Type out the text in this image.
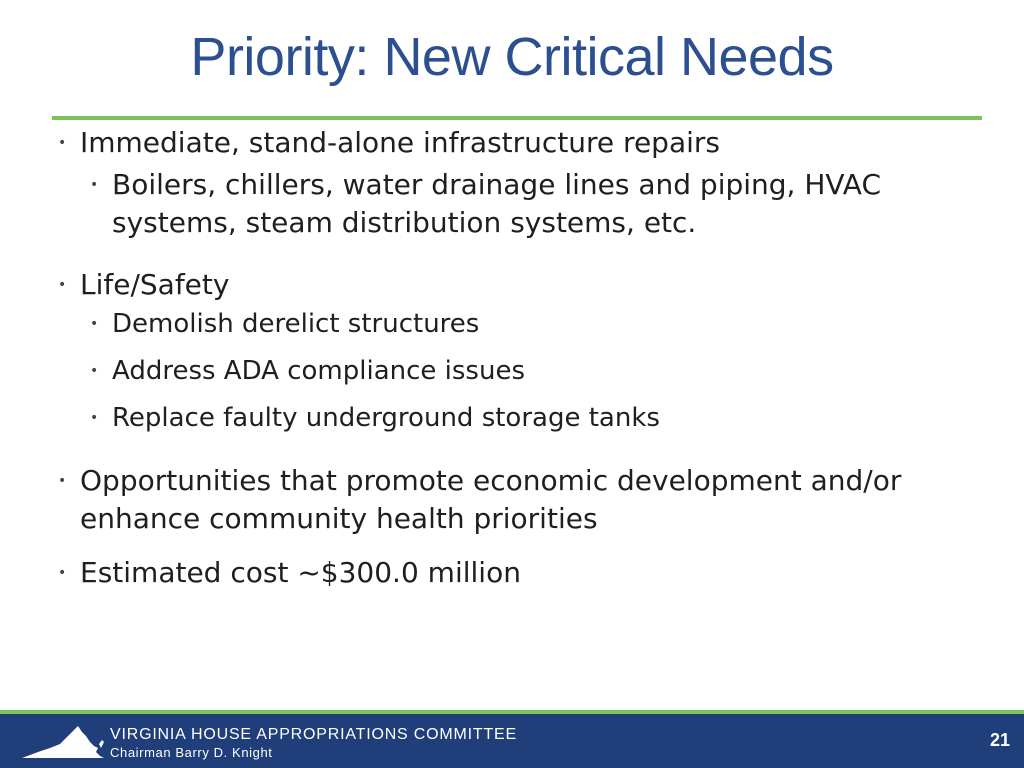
Priority: New Critical Needs
• Immediate, stand-alone infrastructure repairs
• Boilers, chillers, water drainage lines and piping, HVAC systems, steam distribution systems, etc.
• Life/Safety
• Demolish derelict structures
• Address ADA compliance issues
• Replace faulty underground storage tanks
• Opportunities that promote economic development and/or enhance community health priorities
• Estimated cost ~$300.0 million
VIRGINIA HOUSE APPROPRIATIONS COMMITTEE
Chairman Barry D. Knight
21
